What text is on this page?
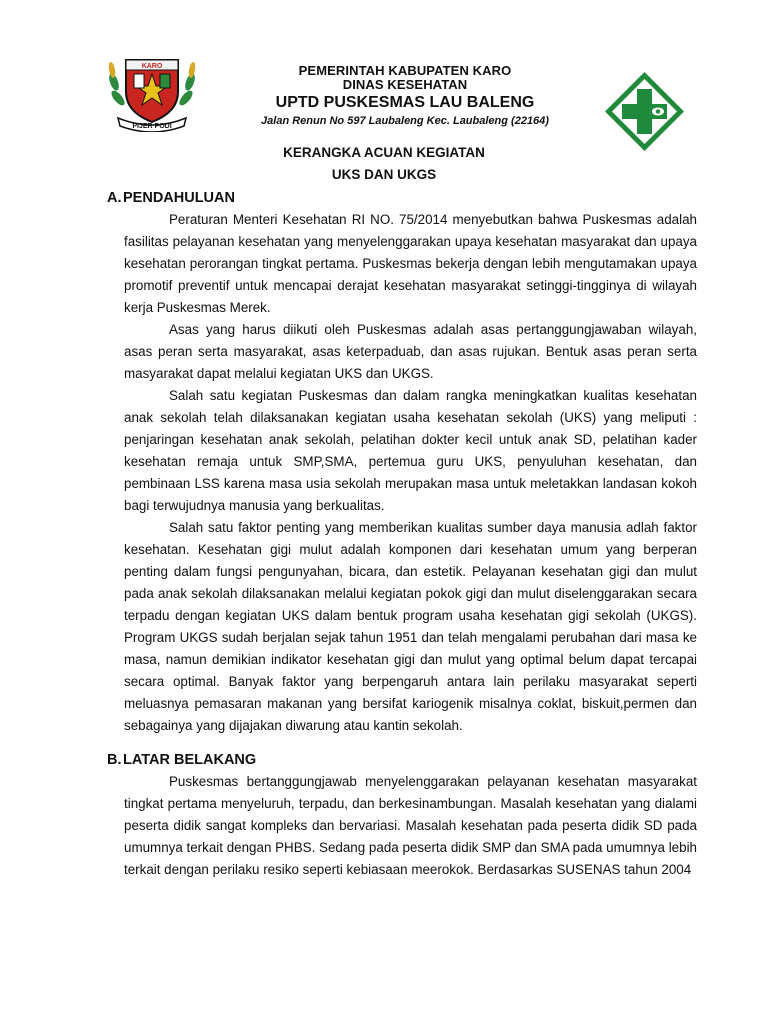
KARO
PIJER PODI
PEMERINTAH KABUPATEN KARO
DINAS KESEHATAN
UPTD PUSKESMAS LAU BALENG
Jalan Renun No 597 Laubaleng Kec. Laubaleng (22164)
KERANGKA ACUAN KEGIATAN
UKS DAN UKGS
A. PENDAHULUAN

Peraturan Menteri Kesehatan RI NO. 75/2014 menyebutkan bahwa Puskesmas adalah fasilitas pelayanan kesehatan yang menyelenggarakan upaya kesehatan masyarakat dan upaya kesehatan perorangan tingkat pertama. Puskesmas bekerja dengan lebih mengutamakan upaya promotif preventif untuk mencapai derajat kesehatan masyarakat setinggi-tingginya di wilayah kerja Puskesmas Merek.

Asas yang harus diikuti oleh Puskesmas adalah asas pertanggungjawaban wilayah, asas peran serta masyarakat, asas keterpaduab, dan asas rujukan. Bentuk asas peran serta masyarakat dapat melalui kegiatan UKS dan UKGS.

Salah satu kegiatan Puskesmas dan dalam rangka meningkatkan kualitas kesehatan anak sekolah telah dilaksanakan kegiatan usaha kesehatan sekolah (UKS) yang meliputi : penjaringan kesehatan anak sekolah, pelatihan dokter kecil untuk anak SD, pelatihan kader kesehatan remaja untuk SMP,SMA, pertemua guru UKS, penyuluhan kesehatan, dan pembinaan LSS karena masa usia sekolah merupakan masa untuk meletakkan landasan kokoh bagi terwujudnya manusia yang berkualitas.

Salah satu faktor penting yang memberikan kualitas sumber daya manusia adlah faktor kesehatan. Kesehatan gigi mulut adalah komponen dari kesehatan umum yang berperan penting dalam fungsi pengunyahan, bicara, dan estetik. Pelayanan kesehatan gigi dan mulut pada anak sekolah dilaksanakan melalui kegiatan pokok gigi dan mulut diselenggarakan secara terpadu dengan kegiatan UKS dalam bentuk program usaha kesehatan gigi sekolah (UKGS). Program UKGS sudah berjalan sejak tahun 1951 dan telah mengalami perubahan dari masa ke masa, namun demikian indikator kesehatan gigi dan mulut yang optimal belum dapat tercapai secara optimal. Banyak faktor yang berpengaruh antara lain perilaku masyarakat seperti meluasnya pemasaran makanan yang bersifat kariogenik misalnya coklat, biskuit,permen dan sebagainya yang dijajakan diwarung atau kantin sekolah.

B. LATAR BELAKANG

Puskesmas bertanggungjawab menyelenggarakan pelayanan kesehatan masyarakat tingkat pertama menyeluruh, terpadu, dan berkesinambungan. Masalah kesehatan yang dialami peserta didik sangat kompleks dan bervariasi. Masalah kesehatan pada peserta didik SD pada umumnya terkait dengan PHBS. Sedang pada peserta didik SMP dan SMA pada umumnya lebih terkait dengan perilaku resiko seperti kebiasaan meerokok. Berdasarkas SUSENAS tahun 2004
